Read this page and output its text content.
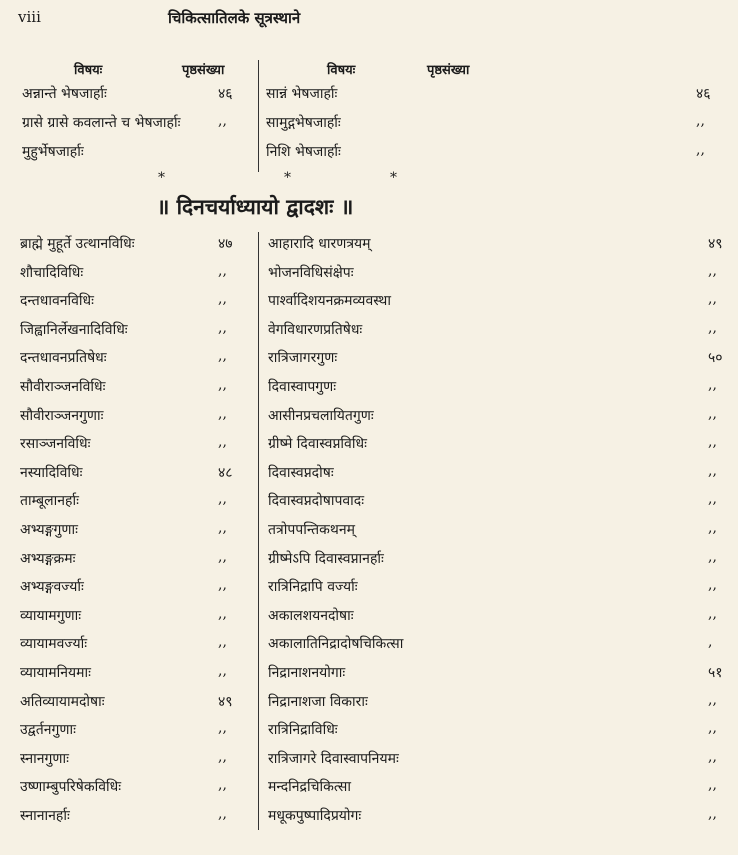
viii	चिकित्सातिलके सूत्रस्थाने
विषयः	पृष्ठसंख्या	विषयः	पृष्ठसंख्या
अन्नान्ते भेषजार्हाः	४६
ग्रासे ग्रासे कवलान्ते च भेषजार्हाः	,,
मुहुर्भेषजार्हाः
सान्नं भेषजार्हाः	४६
सामुद्गभेषजार्हाः	,,
निशि भेषजार्हाः	,,
*	*	*
॥ दिनचर्याध्यायो द्वादशः ॥
ब्राह्मे मुहूर्ते उत्थानविधिः	४७
शौचादिविधिः	,,
दन्तधावनविधिः	,,
जिह्वानिर्लेखनादिविधिः	,,
दन्तधावनप्रतिषेधः	,,
सौवीराञ्जनविधिः	,,
सौवीराञ्जनगुणाः	,,
रसाञ्जनविधिः	,,
नस्यादिविधिः	४८
ताम्बूलानर्हाः	,,
अभ्यङ्गगुणाः	,,
अभ्यङ्गक्रमः	,,
अभ्यङ्गवर्ज्याः	,,
व्यायामगुणाः	,,
व्यायामवर्ज्याः	,,
व्यायामनियमाः	,,
अतिव्यायामदोषाः	४९
उद्वर्तनगुणाः	,,
स्नानगुणाः	,,
उष्णाम्बुपरिषेकविधिः	,,
स्नानानर्हाः	,,
आहारादि धारणत्रयम्	४९
भोजनविधिसंक्षेपः	,,
पार्श्वादिशयनक्रमव्यवस्था	,,
वेगविधारणप्रतिषेधः	,,
रात्रिजागरगुणः	५०
दिवास्वापगुणः	,,
आसीनप्रचलायितगुणः	,,
ग्रीष्मे दिवास्वप्नविधिः	,,
दिवास्वप्नदोषः	,,
दिवास्वप्नदोषापवादः	,,
तत्रोपपन्तिकथनम्	,,
ग्रीष्मेऽपि दिवास्वप्नानर्हाः	,,
रात्रिनिद्रापि वर्ज्याः	,,
अकालशयनदोषाः	,,
अकालातिनिद्रादोषचिकित्सा	,
निद्रानाशनयोगाः	५१
निद्रानाशजा विकाराः	,,
रात्रिनिद्राविधिः	,,
रात्रिजागरे दिवास्वापनियमः	,,
मन्दनिद्रचिकित्सा	,,
मधूकपुष्पादिप्रयोगः	,,
